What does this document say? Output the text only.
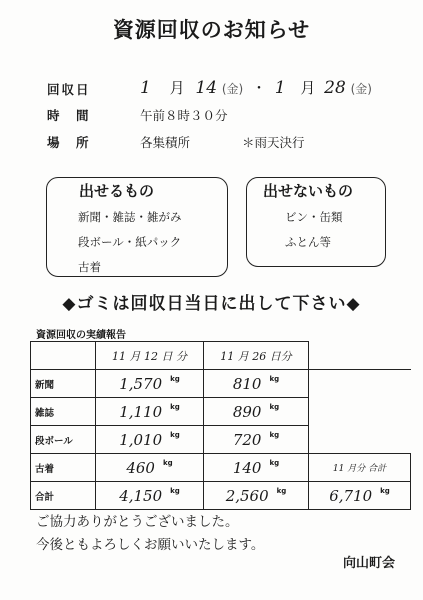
資源回収のお知らせ
回収日	1 月 14 (金) ・ 1 月 28 (金)
時　間	午前８時３０分
場　所	各集積所	＊雨天決行
出せるもの
新聞・雑誌・雑がみ
段ボール・紙パック
古着
出せないもの
ビン・缶類
ふとん等
◆ゴミは回収日当日に出して下さい◆
資源回収の実績報告
	11 月 12 日 分	11 月 26 日分	
新聞	1,570 $^{kg}$	810 $^{kg}$	
雑誌	1,110 $^{kg}$	890 $^{kg}$	
段ボール	1,010 $^{kg}$	720 $^{kg}$	
古着	460 $^{kg}$	140 $^{kg}$	11 月分 合計
合計	4,150 $^{kg}$	2,560 $^{kg}$	6,710 $^{kg}$
ご協力ありがとうございました。
今後ともよろしくお願いいたします。
向山町会
